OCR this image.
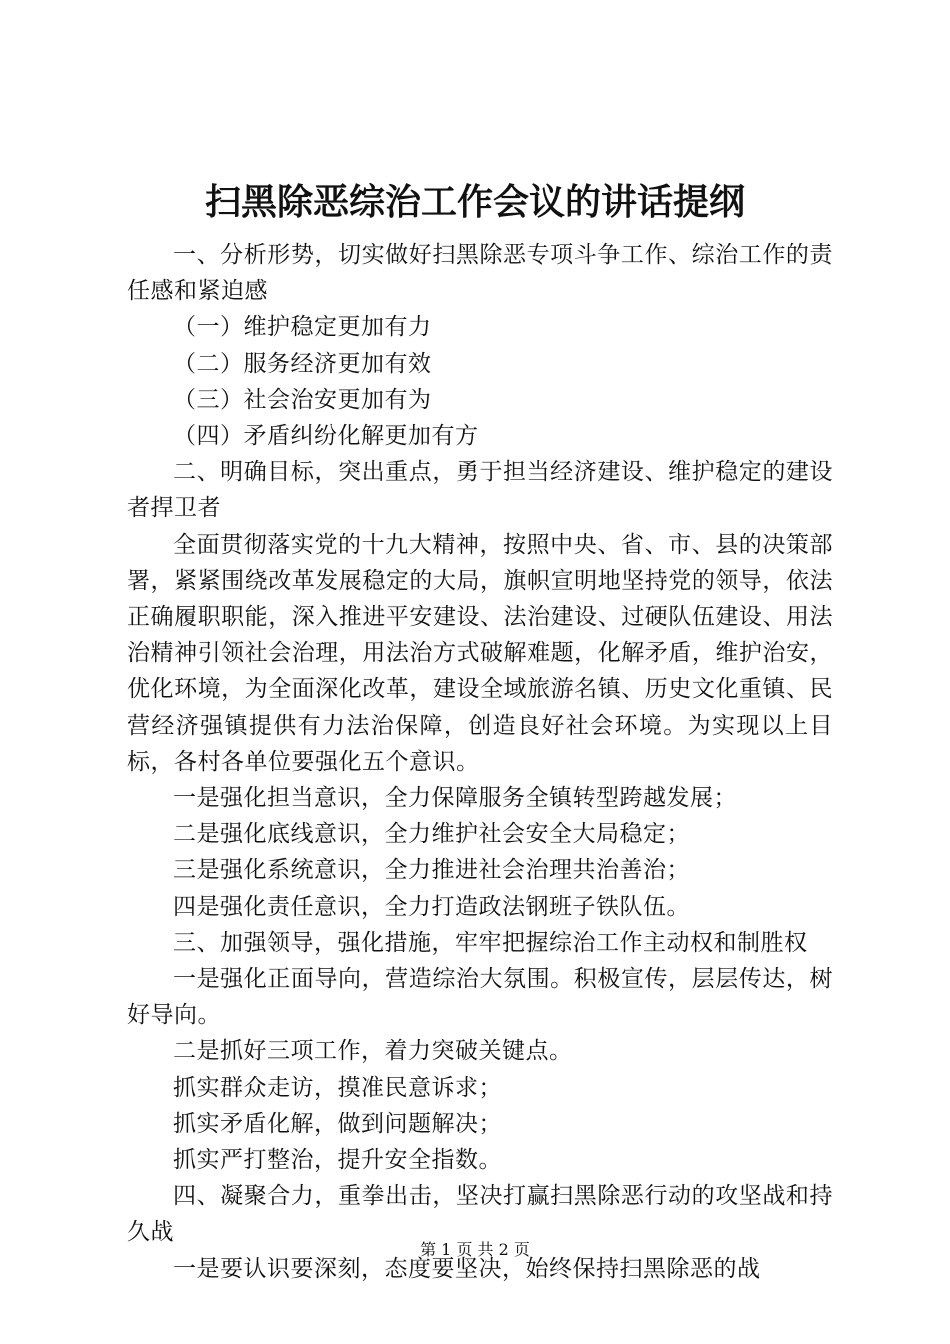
扫黑除恶综治工作会议的讲话提纲

一、分析形势，切实做好扫黑除恶专项斗争工作、综治工作的责任感和紧迫感

（一）维护稳定更加有力

（二）服务经济更加有效

（三）社会治安更加有为

（四）矛盾纠纷化解更加有方

二、明确目标，突出重点，勇于担当经济建设、维护稳定的建设者捍卫者

全面贯彻落实党的十九大精神，按照中央、省、市、县的决策部署，紧紧围绕改革发展稳定的大局，旗帜宣明地坚持党的领导，依法正确履职职能，深入推进平安建设、法治建设、过硬队伍建设、用法治精神引领社会治理，用法治方式破解难题，化解矛盾，维护治安，优化环境，为全面深化改革，建设全域旅游名镇、历史文化重镇、民营经济强镇提供有力法治保障，创造良好社会环境。为实现以上目标，各村各单位要强化五个意识。

一是强化担当意识，全力保障服务全镇转型跨越发展；

二是强化底线意识，全力维护社会安全大局稳定；

三是强化系统意识，全力推进社会治理共治善治；

四是强化责任意识，全力打造政法钢班子铁队伍。

三、加强领导，强化措施，牢牢把握综治工作主动权和制胜权

一是强化正面导向，营造综治大氛围。积极宣传，层层传达，树好导向。

二是抓好三项工作，着力突破关键点。

抓实群众走访，摸准民意诉求；

抓实矛盾化解，做到问题解决；

抓实严打整治，提升安全指数。

四、凝聚合力，重拳出击，坚决打赢扫黑除恶行动的攻坚战和持久战

一是要认识要深刻，态度要坚决，始终保持扫黑除恶的战

第 1 页 共 2 页
